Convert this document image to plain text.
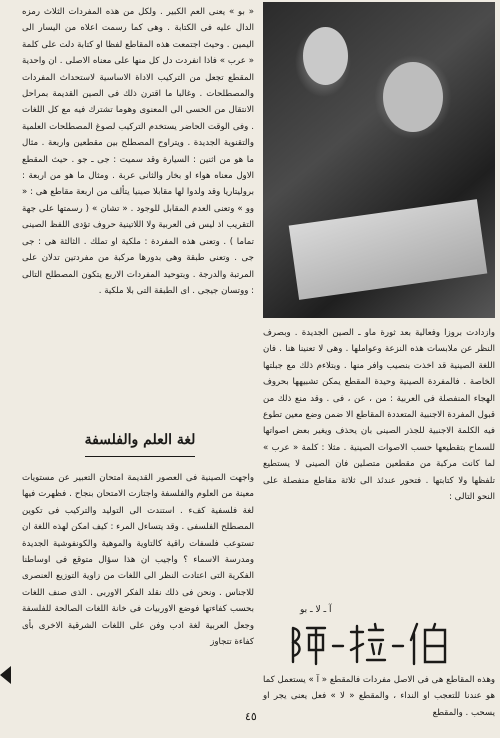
« بو » يعنى العم الكبير . ولكل من هذه المفردات الثلاث رمزه الدال عليه فى الكتابة . وهى كما رسمت اعلاه من اليسار الى اليمين . وحيث اجتمعت هذه المقاطع لفظا او كتابة دلت على كلمة « عرب » فاذا انفردت دل كل منها على معناه الاصلى . ان واحدية المقطع تجعل من التركيب الاداة الاساسية لاستحداث المفردات والمصطلحات . وغالبا ما اقترن ذلك فى الصين القديمة بمراحل الانتقال من الحسى الى المعنوى وهوما تشترك فيه مع كل اللغات . وفى الوقت الحاضر يستخدم التركيب لصوغ المصطلحات العلمية والتقنوية الجديدة . ويتراوح المصطلح بين مقطعين واربعة . مثال ما هو من اثنين : السيارة وقد سميت : جى ـ جو . حيث المقطع الاول معناه هواء او بخار والثانى عربة . ومثال ما هو من اربعة : بروليتاريا وقد ولدوا لها مقابلا صينيا يتألف من اربعة مقاطع هى : « وو » وتعنى العدم المقابل للوجود . « تشان » ( رسمتها على جهة التقريب اذ ليس فى العربية ولا اللاتينية حروف تؤدى اللفظ الصينى تماما ) . وتعنى هذه المفردة : ملكية او تملك . الثالثة هى : جى جى . وتعنى طبقة وهى بدورها مركبة من مفردتين تدلان على المرتبة والدرجة . وبتوحيد المفردات الاربع يتكون المصطلح التالى : ووتسان جيجى . اى الطبقة التى بلا ملكية .

لغة العلم والفلسفة

واجهت الصينية فى العصور القديمة امتحان التعبير عن مستويات معينة من العلوم والفلسفة واجتازت الامتحان بنجاح . فظهرت فيها لغة فلسفية كفء . استندت الى التوليد والتركيب فى تكوين المصطلح الفلسفى . وقد يتساءل المرء : كيف امكن لهذه اللغة ان تستوعب فلسفات راقية كالتاوية والموهية والكونفوشية الجديدة ومدرسة الاسماء ؟ واجيب ان هذا سؤال متوقع فى اوساطنا الفكرية التى اعتادت النظر الى اللغات من زاوية التوزيع العنصرى للاجناس . ونحن فى ذلك نقلد الفكر الاوربى . الذى صنف اللغات بحسب كفاءتها فوضع الاوربيات فى خانة اللغات الصالحة للفلسفة وجعل العربية لغة ادب وفن على اللغات الشرقية الاخرى بأى كفاءة تتجاوز

وازدادت بروزا وفعالية بعد ثورة ماو ـ الصين الجديدة . وبصرف النظر عن ملابسات هذه النزعة وعواملها . وهى لا تعنينا هنا . فان اللغة الصينية قد اخذت بنصيب وافر منها . وبتلاءم ذلك مع جبلتها الخاصة . فالمفردة الصينية وحيدة المقطع يمكن تشبيهها بحروف الهجاء المنفصلة فى العربية : من ، عن ، فى . وقد منع ذلك من قبول المفردة الاجنبية المتعددة المقاطع الا ضمن وضع معين تطوع فيه الكلمة الاجنبية للجذر الصينى بان يحذف ويغير بعض اصواتها للسماح بتقطيعها حسب الاصوات الصينية . مثلا : كلمة « عرب » لما كانت مركبة من مقطعين متصلين فان الصينى لا يستطيع تلفظها ولا كتابتها . فتحور عندئذ الى ثلاثة مقاطع منفصلة على النحو التالى :

آ ـ لا ـ بو

وهذه المقاطع هى فى الاصل مفردات فالمقطع « آ » يستعمل كما هو عندنا للتعجب او النداء ، والمقطع « لا » فعل يعنى يجر او يسحب . والمقطع

٤٥
